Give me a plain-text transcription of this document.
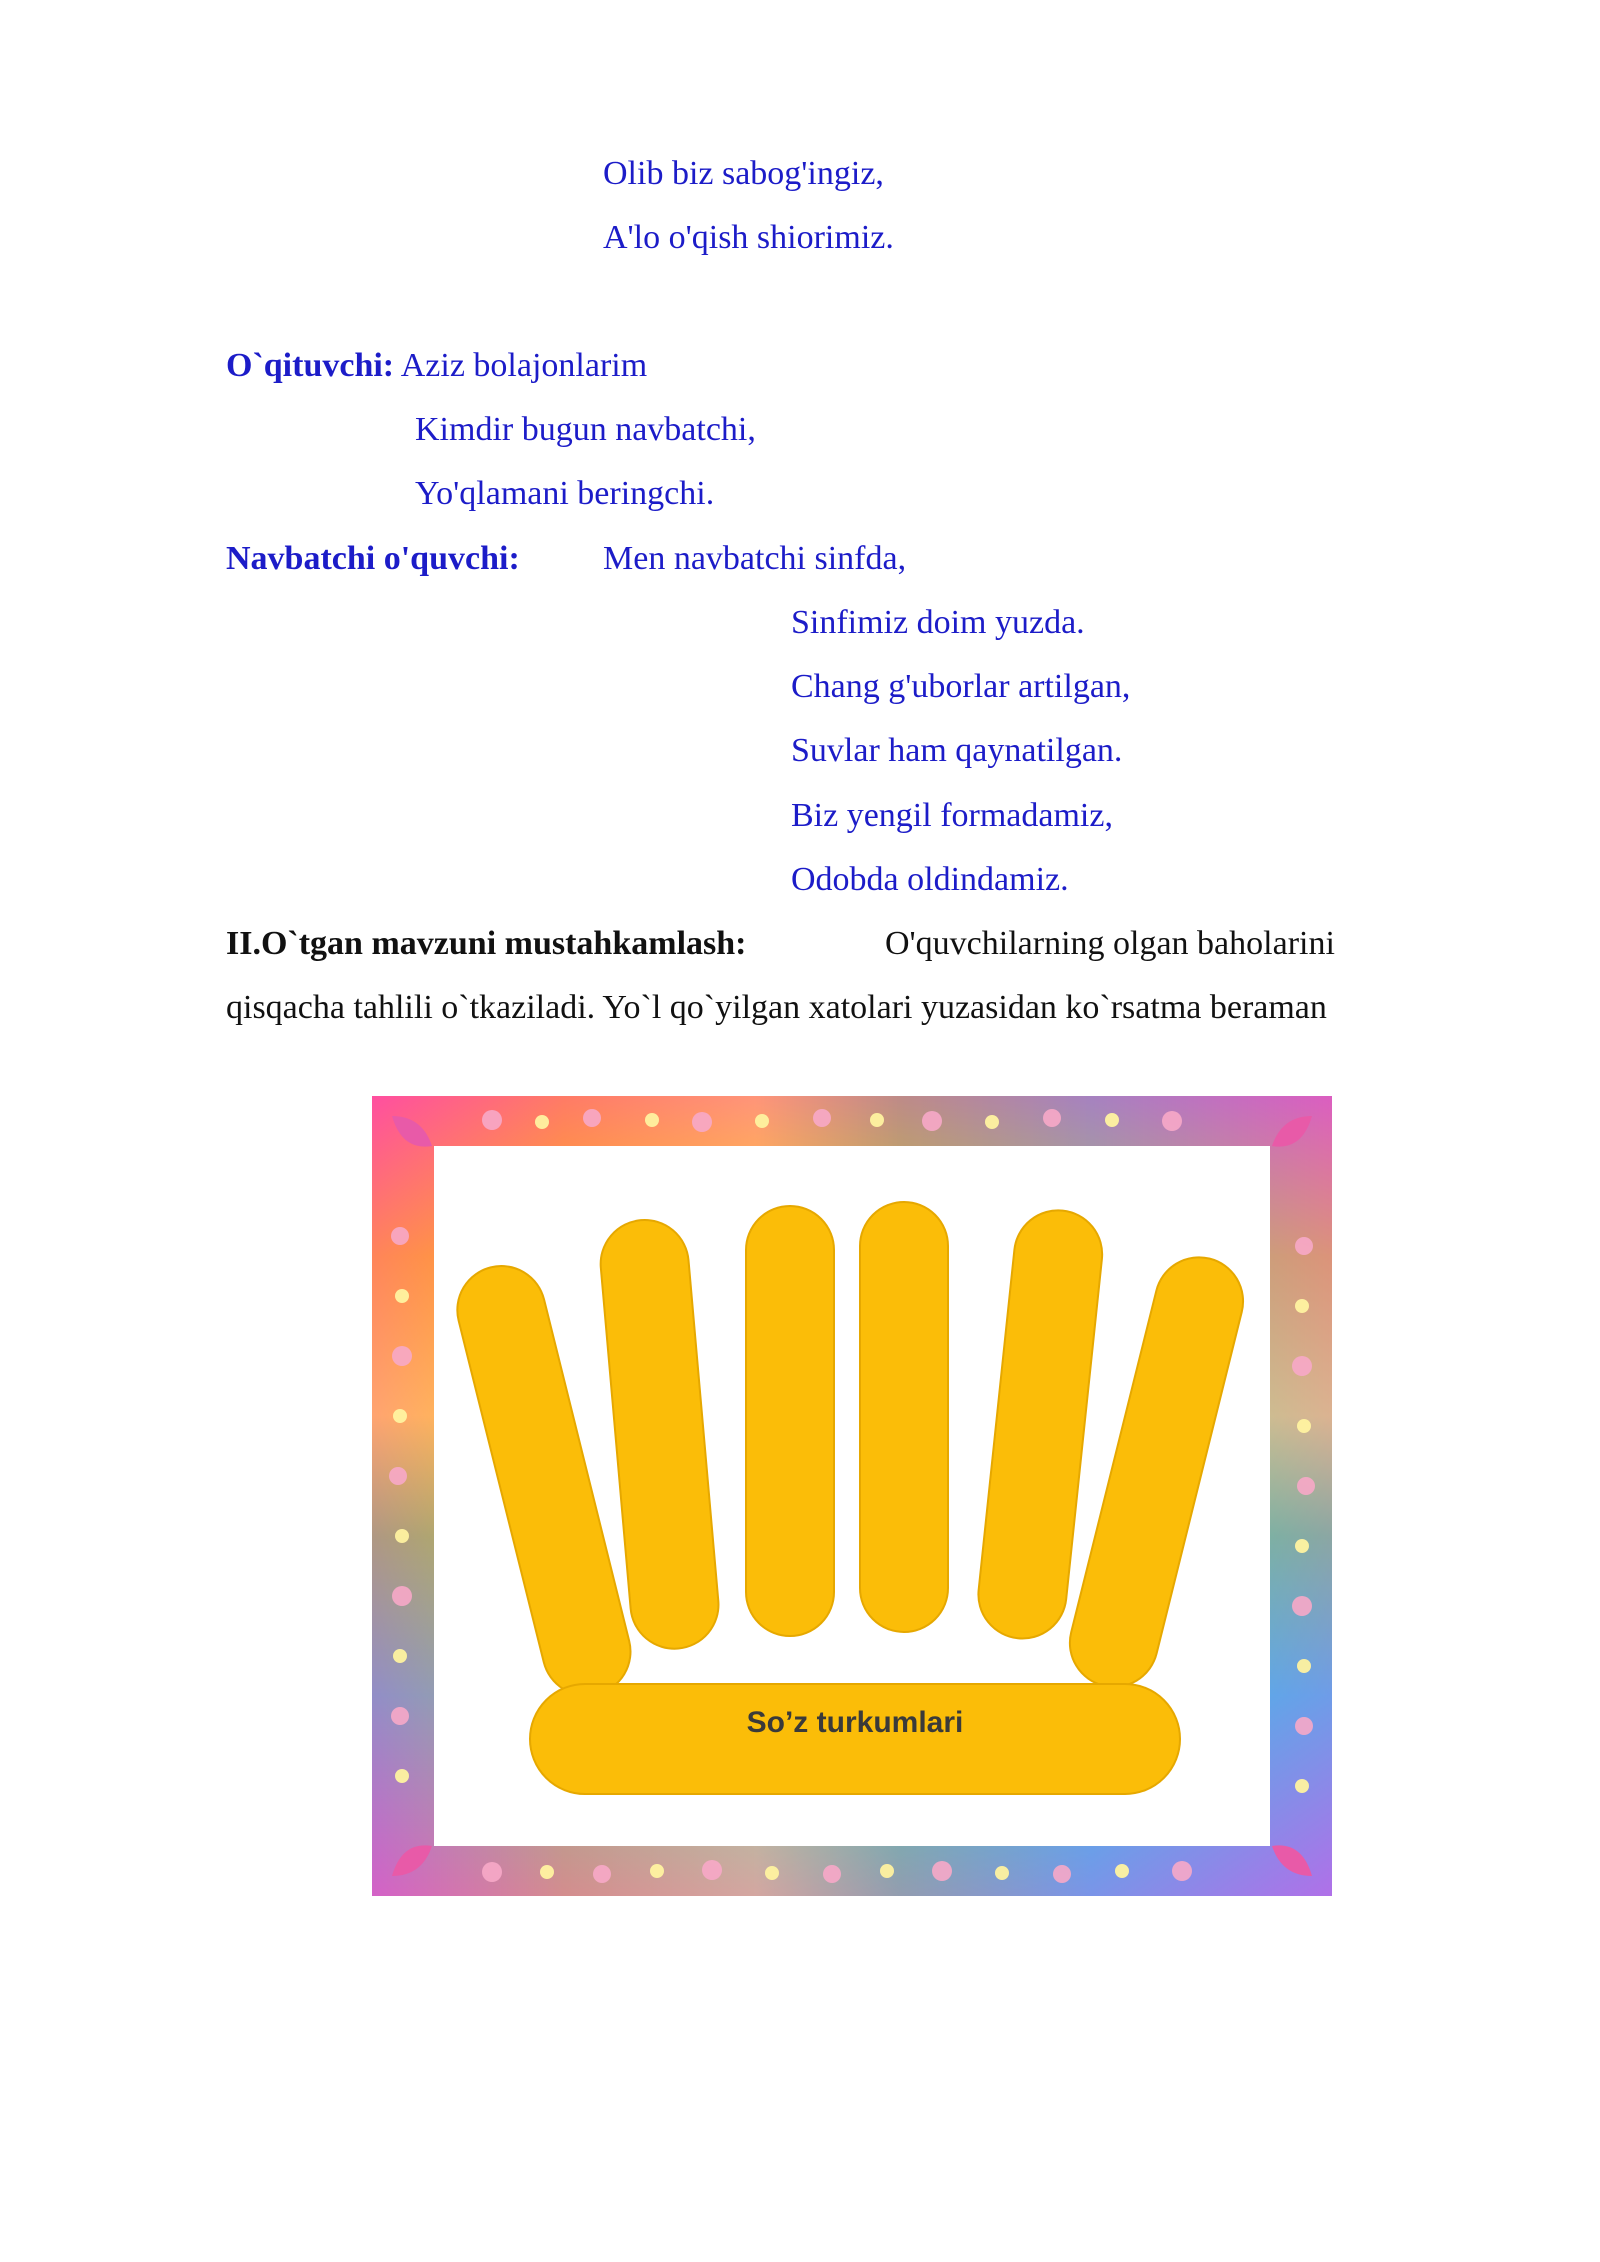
Olib biz sabog'ingiz,
A'lo o'qish shiorimiz.
O`qituvchi: Aziz bolajonlarim
Kimdir bugun navbatchi,
Yo'qlamani beringchi.
Navbatchi o'quvchi: Men navbatchi sinfda,
Sinfimiz doim yuzda.
Chang g'uborlar artilgan,
Suvlar ham qaynatilgan.
Biz yengil formadamiz,
Odobda oldindamiz.
II.O`tgan mavzuni mustahkamlash:	O'quvchilarning olgan baholarini
qisqacha tahlili o`tkaziladi. Yo`l qo`yilgan xatolari yuzasidan ko`rsatma beraman
So’z turkumlari
